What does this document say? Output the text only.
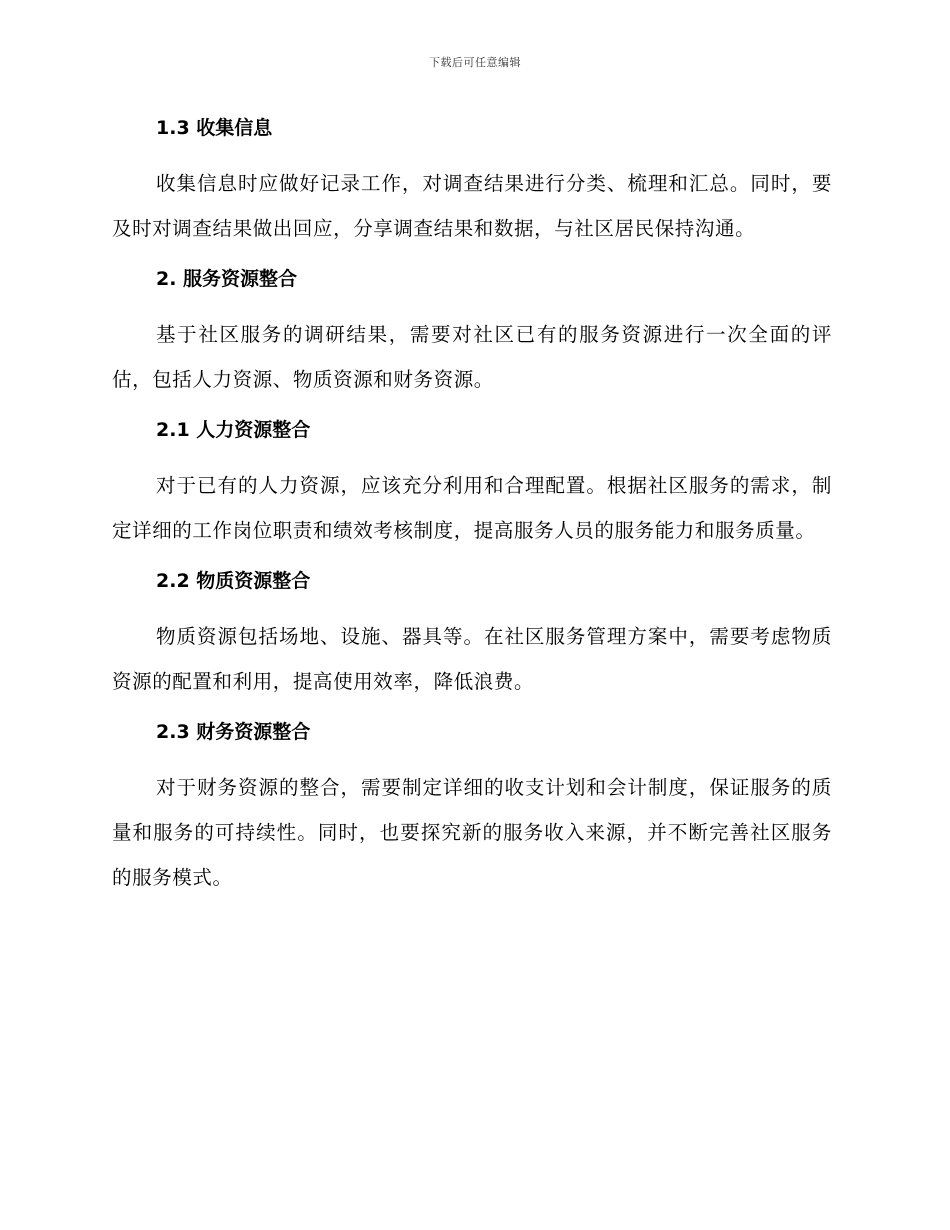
下载后可任意编辑
1.3 收集信息

收集信息时应做好记录工作，对调查结果进行分类、梳理和汇总。同时，要及时对调查结果做出回应，分享调查结果和数据，与社区居民保持沟通。

2. 服务资源整合

基于社区服务的调研结果，需要对社区已有的服务资源进行一次全面的评估，包括人力资源、物质资源和财务资源。

2.1 人力资源整合

对于已有的人力资源，应该充分利用和合理配置。根据社区服务的需求，制定详细的工作岗位职责和绩效考核制度，提高服务人员的服务能力和服务质量。

2.2 物质资源整合

物质资源包括场地、设施、器具等。在社区服务管理方案中，需要考虑物质资源的配置和利用，提高使用效率，降低浪费。

2.3 财务资源整合

对于财务资源的整合，需要制定详细的收支计划和会计制度，保证服务的质量和服务的可持续性。同时，也要探究新的服务收入来源，并不断完善社区服务的服务模式。
